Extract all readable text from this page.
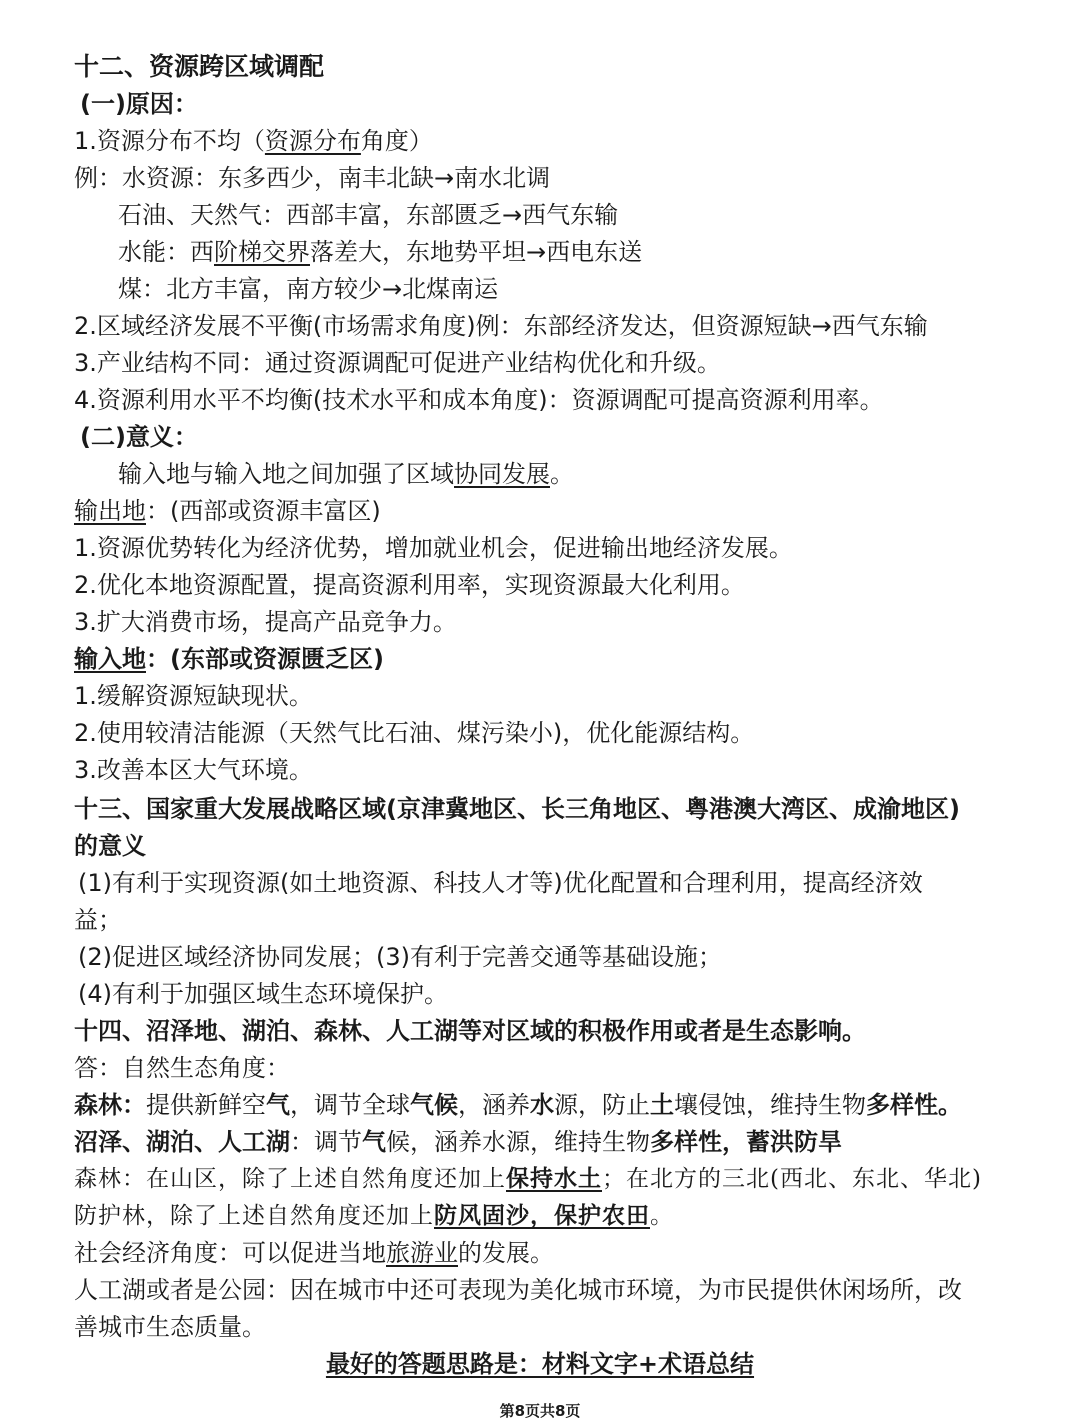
十二、资源跨区域调配
(一)原因：
1.资源分布不均（资源分布角度）
例：水资源：东多西少，南丰北缺→南水北调
石油、天然气：西部丰富，东部匮乏→西气东输
水能：西阶梯交界落差大，东地势平坦→西电东送
煤：北方丰富，南方较少→北煤南运
2.区域经济发展不平衡(市场需求角度)例：东部经济发达，但资源短缺→西气东输
3.产业结构不同：通过资源调配可促进产业结构优化和升级。
4.资源利用水平不均衡(技术水平和成本角度)：资源调配可提高资源利用率。
(二)意义：
输入地与输入地之间加强了区域协同发展。
输出地：(西部或资源丰富区)
1.资源优势转化为经济优势，增加就业机会，促进输出地经济发展。
2.优化本地资源配置，提高资源利用率，实现资源最大化利用。
3.扩大消费市场，提高产品竞争力。
输入地：(东部或资源匮乏区)
1.缓解资源短缺现状。
2.使用较清洁能源（天然气比石油、煤污染小)，优化能源结构。
3.改善本区大气环境。
十三、国家重大发展战略区域(京津冀地区、长三角地区、粤港澳大湾区、成渝地区)
的意义
(1)有利于实现资源(如土地资源、科技人才等)优化配置和合理利用，提高经济效
益；
(2)促进区域经济协同发展；(3)有利于完善交通等基础设施；
(4)有利于加强区域生态环境保护。
十四、沼泽地、湖泊、森林、人工湖等对区域的积极作用或者是生态影响。
答：自然生态角度：
森林：提供新鲜空气，调节全球气候，涵养水源，防止土壤侵蚀，维持生物多样性。
沼泽、湖泊、人工湖：调节气候，涵养水源，维持生物多样性，蓄洪防旱
森林：在山区，除了上述自然角度还加上保持水土；在北方的三北(西北、东北、华北)
防护林，除了上述自然角度还加上防风固沙，保护农田。
社会经济角度：可以促进当地旅游业的发展。
人工湖或者是公园：因在城市中还可表现为美化城市环境，为市民提供休闲场所，改
善城市生态质量。
最好的答题思路是：材料文字+术语总结
第8页共8页
